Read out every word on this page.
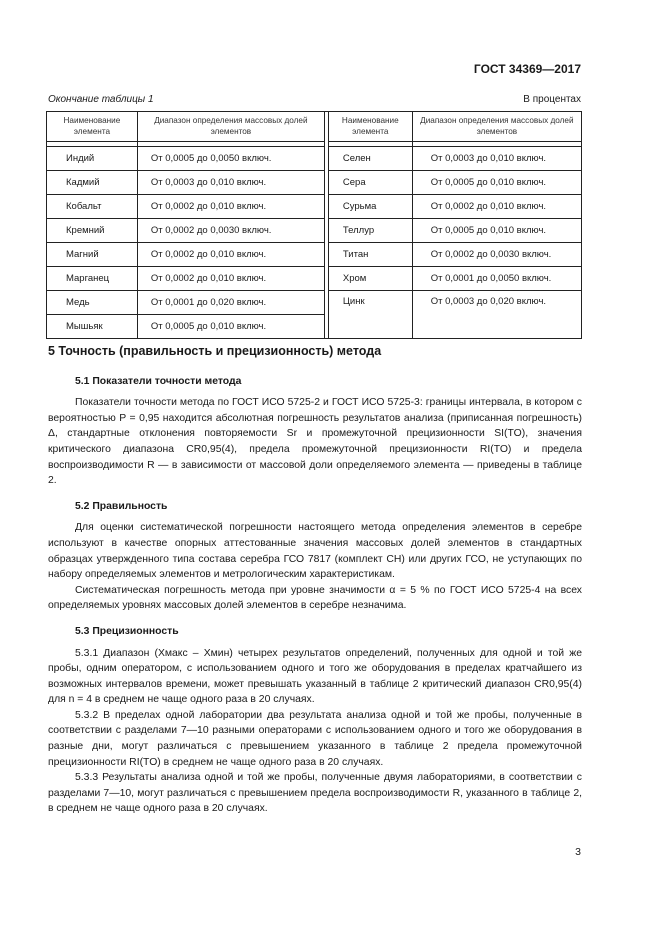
ГОСТ 34369—2017
Окончание таблицы 1	В процентах
Наименование элемента	Диапазон определения массовых долей элементов		Наименование элемента	Диапазон определения массовых долей элементов

Индий	От 0,0005 до 0,0050 включ.		Селен	От 0,0003 до 0,010 включ.
Кадмий	От 0,0003 до 0,010 включ.		Сера	От 0,0005 до 0,010 включ.
Кобальт	От 0,0002 до 0,010 включ.		Сурьма	От 0,0002 до 0,010 включ.
Кремний	От 0,0002 до 0,0030 включ.		Теллур	От 0,0005 до 0,010 включ.
Магний	От 0,0002 до 0,010 включ.		Титан	От 0,0002 до 0,0030 включ.
Марганец	От 0,0002 до 0,010 включ.		Хром	От 0,0001 до 0,0050 включ.
Медь	От 0,0001 до 0,020 включ.		Цинк	От 0,0003 до 0,020 включ.
Мышьяк	От 0,0005 до 0,010 включ.			
5 Точность (правильность и прецизионность) метода
5.1 Показатели точности метода

Показатели точности метода по ГОСТ ИСО 5725-2 и ГОСТ ИСО 5725-3: границы интервала, в котором с вероятностью P = 0,95 находится абсолютная погрешность результатов анализа (приписанная погрешность) Δ, стандартные отклонения повторяемости Sr и промежуточной прецизионности SI(TO), значения критического диапазона CR0,95(4), предела промежуточной прецизионности RI(TO) и предела воспроизводимости R — в зависимости от массовой доли определяемого элемента — приведены в таблице 2.

5.2 Правильность

Для оценки систематической погрешности настоящего метода определения элементов в серебре используют в качестве опорных аттестованные значения массовых долей элементов в стандартных образцах утвержденного типа состава серебра ГСО 7817 (комплект СН) или других ГСО, не уступающих по набору определяемых элементов и метрологическим характеристикам.

Систематическая погрешность метода при уровне значимости α = 5 % по ГОСТ ИСО 5725-4 на всех определяемых уровнях массовых долей элементов в серебре незначима.

5.3 Прецизионность

5.3.1 Диапазон (Xмакс – Xмин) четырех результатов определений, полученных для одной и той же пробы, одним оператором, с использованием одного и того же оборудования в пределах кратчайшего из возможных интервалов времени, может превышать указанный в таблице 2 критический диапазон CR0,95(4) для n = 4 в среднем не чаще одного раза в 20 случаях.

5.3.2 В пределах одной лаборатории два результата анализа одной и той же пробы, полученные в соответствии с разделами 7—10 разными операторами с использованием одного и того же оборудования в разные дни, могут различаться с превышением указанного в таблице 2 предела промежуточной прецизионности RI(TO) в среднем не чаще одного раза в 20 случаях.

5.3.3 Результаты анализа одной и той же пробы, полученные двумя лабораториями, в соответствии с разделами 7—10, могут различаться с превышением предела воспроизводимости R, указанного в таблице 2, в среднем не чаще одного раза в 20 случаях.

3
